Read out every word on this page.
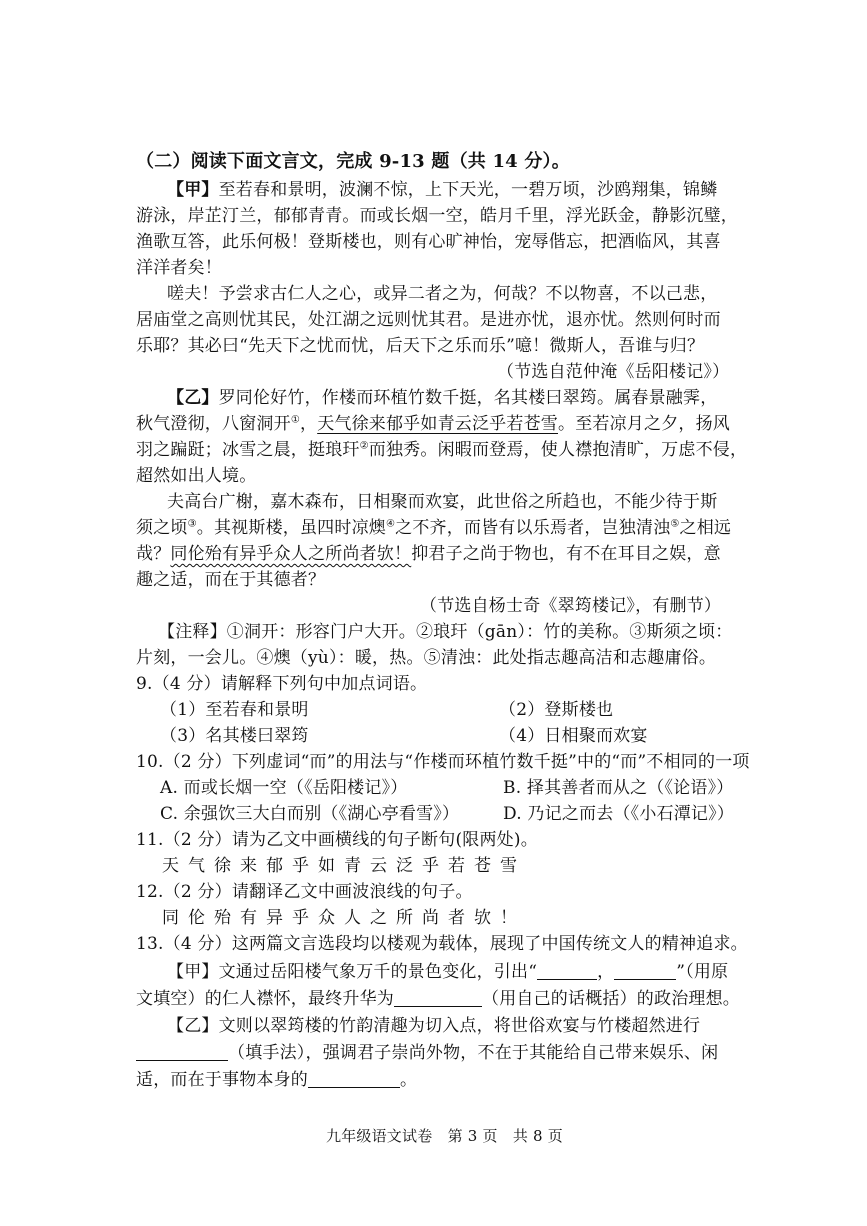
（二）阅读下面文言文，完成 9-13 题（共 14 分）。
【甲】至若春和景明，波澜不惊，上下天光，一碧万顷，沙鸥翔集，锦鳞
游泳，岸芷汀兰，郁郁青青。而或长烟一空，皓月千里，浮光跃金，静影沉璧，
渔歌互答，此乐何极！登斯楼也，则有心旷神怡，宠辱偕忘，把酒临风，其喜
洋洋者矣！
嗟夫！予尝求古仁人之心，或异二者之为，何哉？不以物喜，不以己悲，
居庙堂之高则忧其民，处江湖之远则忧其君。是进亦忧，退亦忧。然则何时而
乐耶？其必曰“先天下之忧而忧，后天下之乐而乐”噫！微斯人，吾谁与归？
（节选自范仲淹《岳阳楼记》）
【乙】罗同伦好竹，作楼而环植竹数千挺，名其楼曰翠筠。属春景融霁，
秋气澄彻，八窗洞开①，天气徐来郁乎如青云泛乎若苍雪。至若凉月之夕，扬风
羽之蹁跹；冰雪之晨，挺琅玕②而独秀。闲暇而登焉，使人襟抱清旷，万虑不侵，
超然如出人境。
夫高台广榭，嘉木森布，日相聚而欢宴，此世俗之所趋也，不能少待于斯
须之顷③。其视斯楼，虽四时凉燠④之不齐，而皆有以乐焉者，岂独清浊⑤之相远
哉？同伦殆有异乎众人之所尚者欤！抑君子之尚于物也，有不在耳目之娱，意
趣之适，而在于其德者？
（节选自杨士奇《翠筠楼记》，有删节）
【注释】①洞开：形容门户大开。②琅玕（gān）：竹的美称。③斯须之顷：
片刻，一会儿。④燠（yù）：暖，热。⑤清浊：此处指志趣高洁和志趣庸俗。
9.（4 分）请解释下列句中加点词语。
（1）至若春和景明	（2）登斯楼也
（3）名其楼曰翠筠	（4）日相聚而欢宴
10.（2 分）下列虚词“而”的用法与“作楼而环植竹数千挺”中的“而”不相同的一项
A. 而或长烟一空（《岳阳楼记》）	B. 择其善者而从之（《论语》）
C. 余强饮三大白而别（《湖心亭看雪》）	D. 乃记之而去（《小石潭记》）
11.（2 分）请为乙文中画横线的句子断句(限两处)。
天气徐来郁乎如青云泛乎若苍雪
12.（2 分）请翻译乙文中画波浪线的句子。
同伦殆有异乎众人之所尚者欤！
13.（4 分）这两篇文言选段均以楼观为载体，展现了中国传统文人的精神追求。
【甲】文通过岳阳楼气象万千的景色变化，引出“	，	”（用原
文填空）的仁人襟怀，最终升华为	（用自己的话概括）的政治理想。
【乙】文则以翠筠楼的竹韵清趣为切入点，将世俗欢宴与竹楼超然进行
（填手法），强调君子崇尚外物，不在于其能给自己带来娱乐、闲
适，而在于事物本身的	。
九年级语文试卷　第 3 页　共 8 页
